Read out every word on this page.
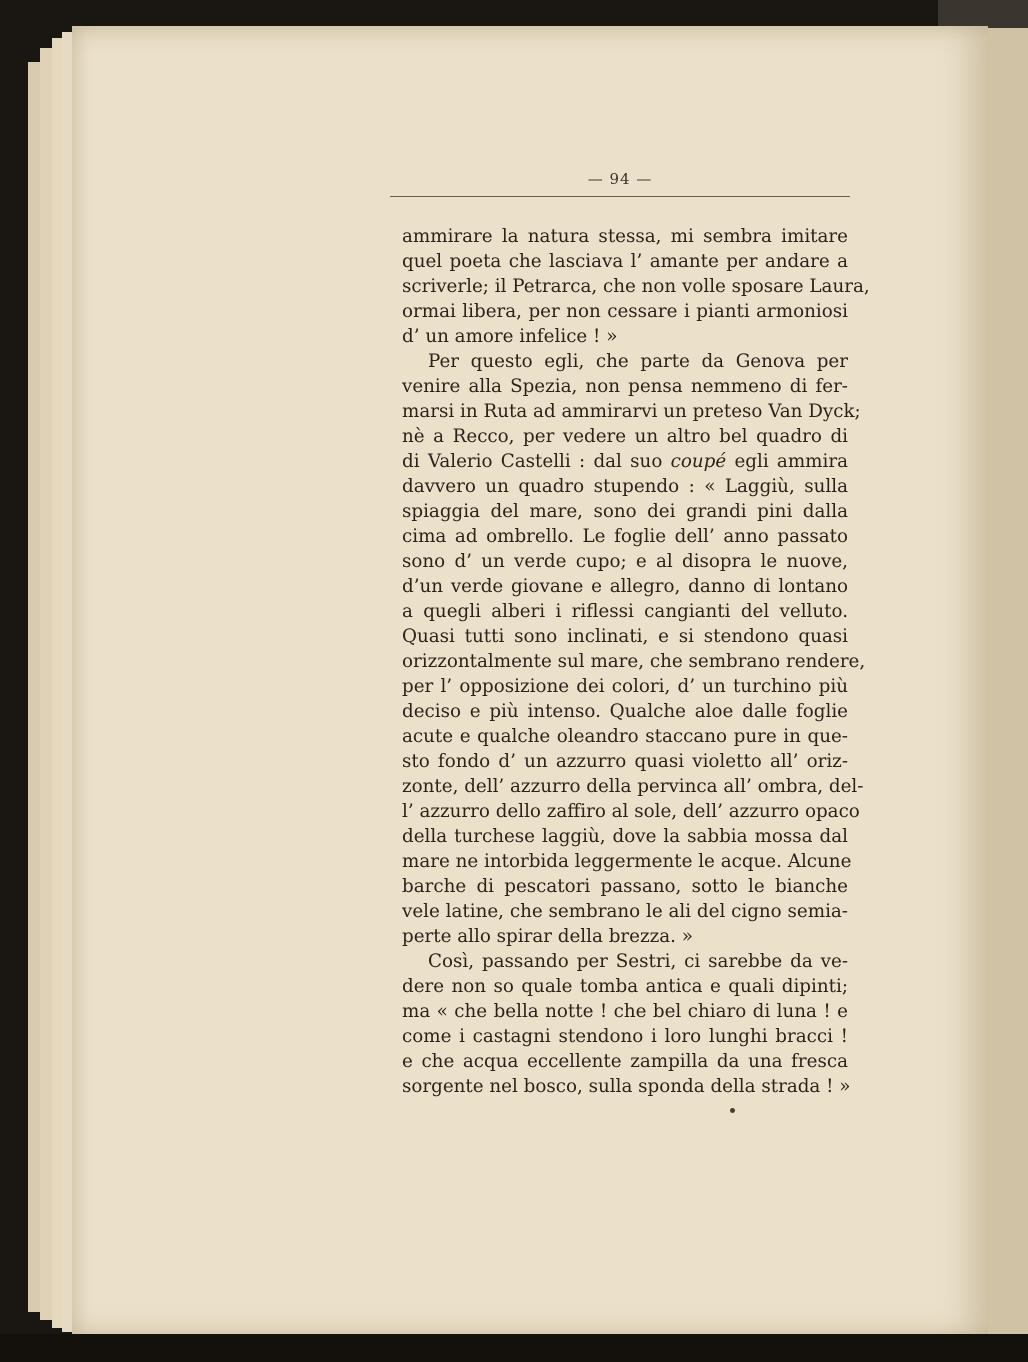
— 94 —
ammirare la natura stessa, mi sembra imitare
quel poeta che lasciava l’ amante per andare a
scriverle; il Petrarca, che non volle sposare Laura,
ormai libera, per non cessare i pianti armoniosi
d’ un amore infelice ! »
Per questo egli, che parte da Genova per
venire alla Spezia, non pensa nemmeno di fer-
marsi in Ruta ad ammirarvi un preteso Van Dyck;
nè a Recco, per vedere un altro bel quadro di
di Valerio Castelli : dal suo coupé egli ammira
davvero un quadro stupendo : « Laggiù, sulla
spiaggia del mare, sono dei grandi pini dalla
cima ad ombrello. Le foglie dell’ anno passato
sono d’ un verde cupo; e al disopra le nuove,
d’un verde giovane e allegro, danno di lontano
a quegli alberi i riflessi cangianti del velluto.
Quasi tutti sono inclinati, e si stendono quasi
orizzontalmente sul mare, che sembrano rendere,
per l’ opposizione dei colori, d’ un turchino più
deciso e più intenso. Qualche aloe dalle foglie
acute e qualche oleandro staccano pure in que-
sto fondo d’ un azzurro quasi violetto all’ oriz-
zonte, dell’ azzurro della pervinca all’ ombra, del-
l’ azzurro dello zaffiro al sole, dell’ azzurro opaco
della turchese laggiù, dove la sabbia mossa dal
mare ne intorbida leggermente le acque. Alcune
barche di pescatori passano, sotto le bianche
vele latine, che sembrano le ali del cigno semia-
perte allo spirar della brezza. »
Così, passando per Sestri, ci sarebbe da ve-
dere non so quale tomba antica e quali dipinti;
ma « che bella notte ! che bel chiaro di luna ! e
come i castagni stendono i loro lunghi bracci !
e che acqua eccellente zampilla da una fresca
sorgente nel bosco, sulla sponda della strada ! »
